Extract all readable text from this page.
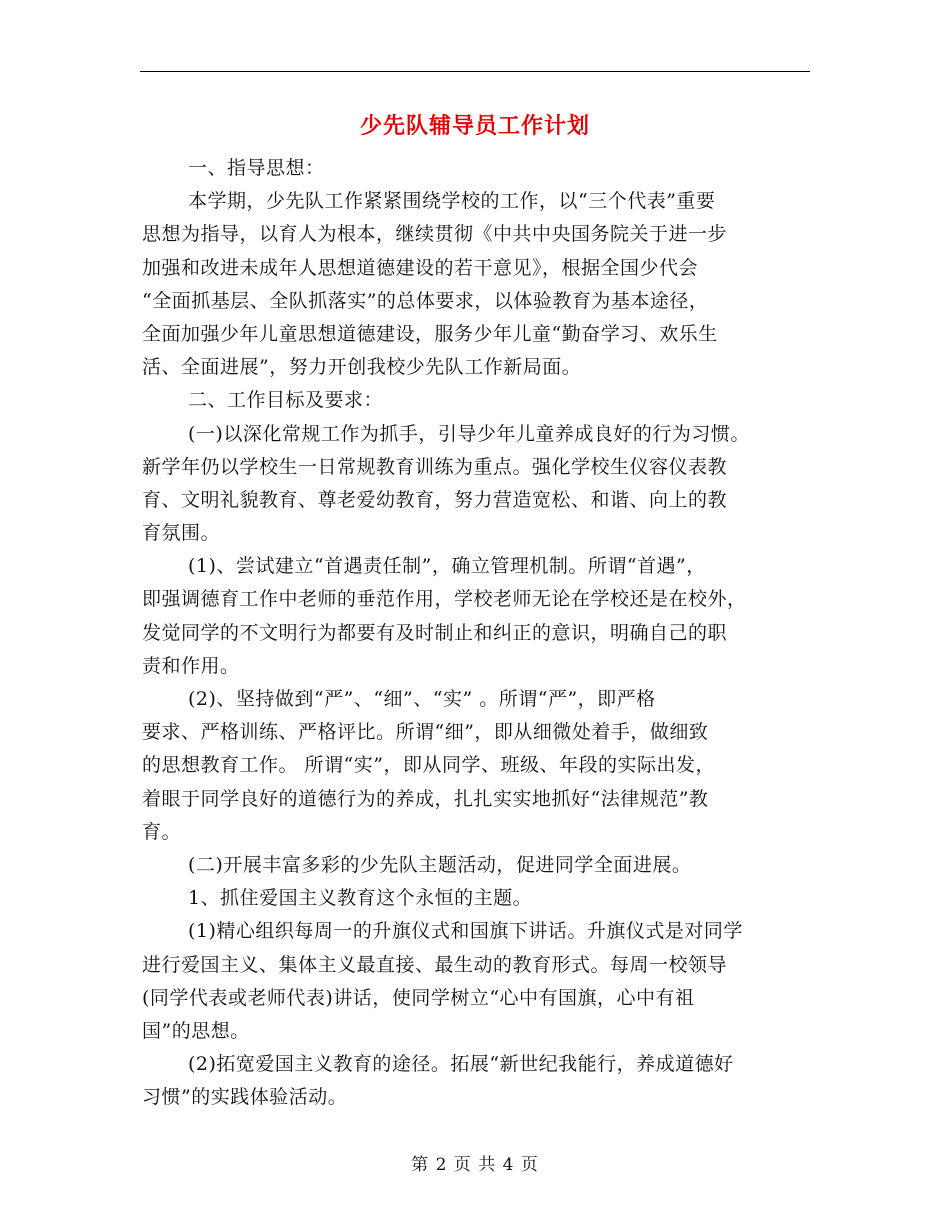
少先队辅导员工作计划
一、指导思想：
本学期，少先队工作紧紧围绕学校的工作，以“三个代表”重要
思想为指导，以育人为根本，继续贯彻《中共中央国务院关于进一步
加强和改进未成年人思想道德建设的若干意见》，根据全国少代会
“全面抓基层、全队抓落实”的总体要求，以体验教育为基本途径，
全面加强少年儿童思想道德建设，服务少年儿童“勤奋学习、欢乐生
活、全面进展”，努力开创我校少先队工作新局面。
二、工作目标及要求：
(一)以深化常规工作为抓手，引导少年儿童养成良好的行为习惯。
新学年仍以学校生一日常规教育训练为重点。强化学校生仪容仪表教
育、文明礼貌教育、尊老爱幼教育，努力营造宽松、和谐、向上的教
育氛围。
(1)、尝试建立“首遇责任制”，确立管理机制。所谓“首遇”，
即强调德育工作中老师的垂范作用，学校老师无论在学校还是在校外，
发觉同学的不文明行为都要有及时制止和纠正的意识，明确自己的职
责和作用。
(2)、坚持做到“严”、“细”、“实” 。所谓“严”，即严格
要求、严格训练、严格评比。所谓“细”，即从细微处着手，做细致
的思想教育工作。 所谓“实”，即从同学、班级、年段的实际出发，
着眼于同学良好的道德行为的养成，扎扎实实地抓好“法律规范”教
育。
(二)开展丰富多彩的少先队主题活动，促进同学全面进展。
1、抓住爱国主义教育这个永恒的主题。
(1)精心组织每周一的升旗仪式和国旗下讲话。升旗仪式是对同学
进行爱国主义、集体主义最直接、最生动的教育形式。每周一校领导
(同学代表或老师代表)讲话，使同学树立“心中有国旗，心中有祖
国”的思想。
(2)拓宽爱国主义教育的途径。拓展“新世纪我能行，养成道德好
习惯”的实践体验活动。
第 2 页 共 4 页
